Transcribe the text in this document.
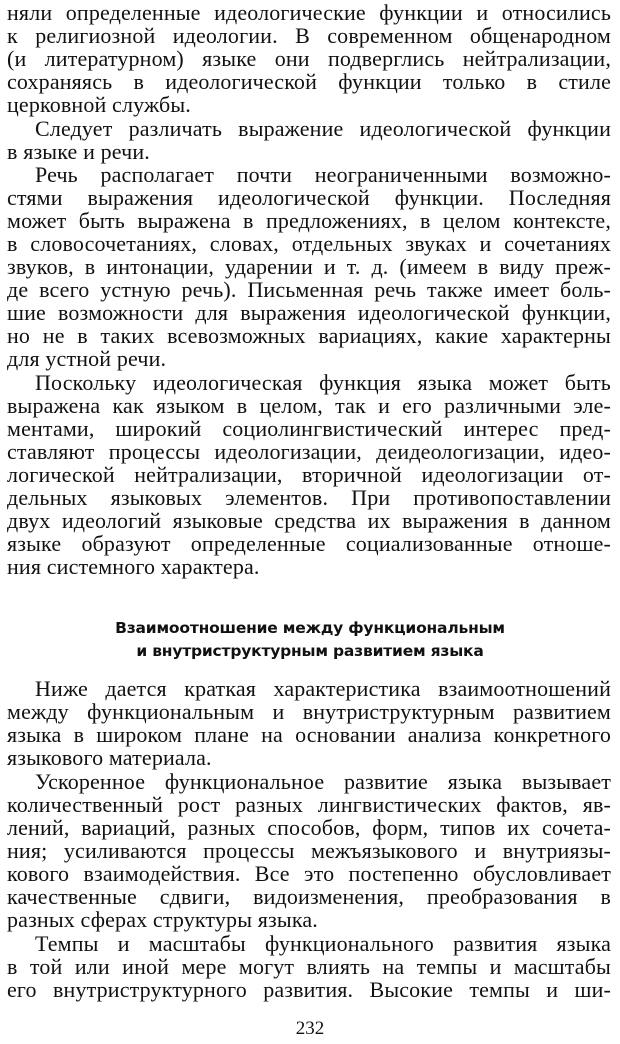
няли определенные идеологические функции и относились
к религиозной идеологии. В современном общенародном
(и литературном) языке они подверглись нейтрализации,
сохраняясь в идеологической функции только в стиле
церковной службы.
Следует различать выражение идеологической функции
в языке и речи.
Речь располагает почти неограниченными возможно-
стями выражения идеологической функции. Последняя
может быть выражена в предложениях, в целом контексте,
в словосочетаниях, словах, отдельных звуках и сочетаниях
звуков, в интонации, ударении и т. д. (имеем в виду преж-
де всего устную речь). Письменная речь также имеет боль-
шие возможности для выражения идеологической функции,
но не в таких всевозможных вариациях, какие характерны
для устной речи.
Поскольку идеологическая функция языка может быть
выражена как языком в целом, так и его различными эле-
ментами, широкий социолингвистический интерес пред-
ставляют процессы идеологизации, деидеологизации, идео-
логической нейтрализации, вторичной идеологизации от-
дельных языковых элементов. При противопоставлении
двух идеологий языковые средства их выражения в данном
языке образуют определенные социализованные отноше-
ния системного характера.
Взаимоотношение между функциональным
и внутриструктурным развитием языка
Ниже дается краткая характеристика взаимоотношений
между функциональным и внутриструктурным развитием
языка в широком плане на основании анализа конкретного
языкового материала.
Ускоренное функциональное развитие языка вызывает
количественный рост разных лингвистических фактов, яв-
лений, вариаций, разных способов, форм, типов их сочета-
ния; усиливаются процессы межъязыкового и внутриязы-
кового взаимодействия. Все это постепенно обусловливает
качественные сдвиги, видоизменения, преобразования в
разных сферах структуры языка.
Темпы и масштабы функционального развития языка
в той или иной мере могут влиять на темпы и масштабы
его внутриструктурного развития. Высокие темпы и ши-
232
